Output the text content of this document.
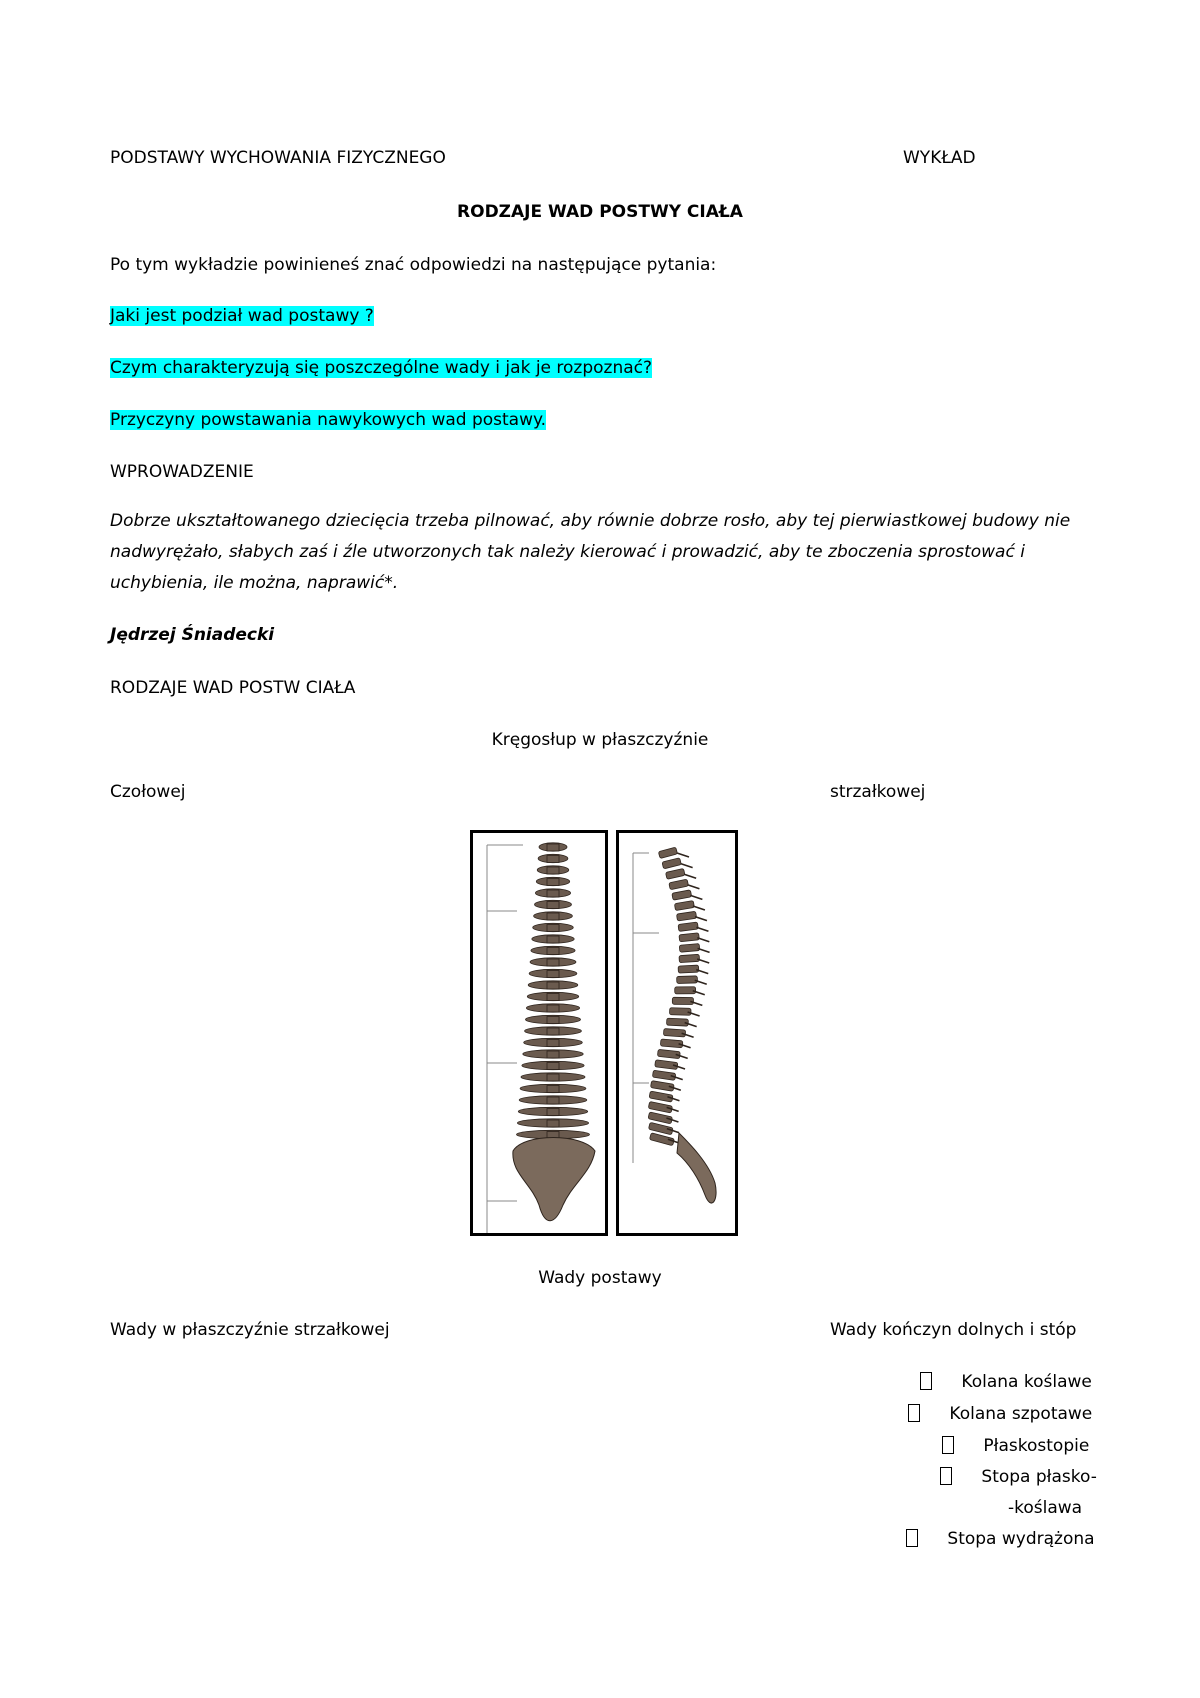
PODSTAWY WYCHOWANIA FIZYCZNEGO	WYKŁAD
RODZAJE WAD POSTWY CIAŁA
Po tym wykładzie powinieneś znać odpowiedzi na następujące pytania:
Jaki jest podział wad postawy ?
Czym charakteryzują się poszczególne wady i jak je rozpoznać?
Przyczyny powstawania nawykowych wad postawy.
WPROWADZENIE
Dobrze ukształtowanego dziecięcia trzeba pilnować, aby równie dobrze rosło, aby tej pierwiastkowej budowy nie nadwyrężało, słabych zaś i źle utworzonych tak należy kierować i prowadzić, aby te zboczenia sprostować i uchybienia, ile można, naprawić*.
Jędrzej Śniadecki
RODZAJE WAD POSTW CIAŁA
Kręgosłup w płaszczyźnie
Czołowej	strzałkowej
Wady postawy
Wady w płaszczyźnie strzałkowej	Wady kończyn dolnych i stóp
Kolana koślawe
Kolana szpotawe
Płaskostopie
Stopa płasko-
-koślawa
Stopa wydrążona
